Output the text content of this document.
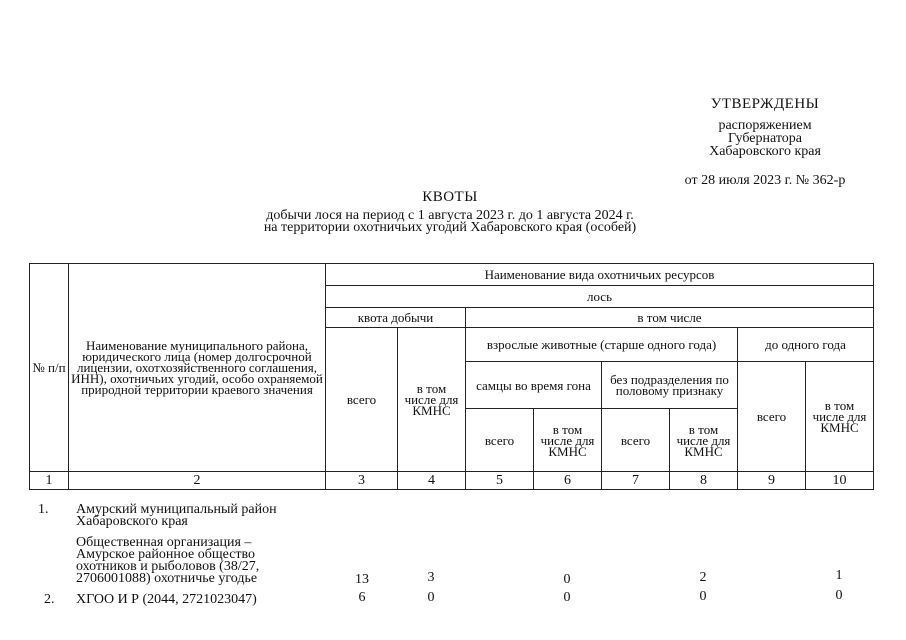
УТВЕРЖДЕНЫ
распоряжением
Губернатора
Хабаровского края
от 28 июля 2023 г. № 362-р
КВОТЫ
добычи лося на период с 1 августа 2023 г. до 1 августа 2024 г.
на территории охотничьих угодий Хабаровского края (особей)
№ п/п	Наименование муниципального района, юридического лица (номер долгосрочной лицензии, охотхозяйственного соглашения, ИНН), охотничьих угодий, особо охраняемой природной территории краевого значения	Наименование вида охотничьих ресурсов							
		лось							
		квота добычи		в том числе					
		всего	в том числе для КМНС	взрослые животные (старше одного года)				до одного года	
				самцы во время гона		без подразделения по половому признаку		всего	в том числе для КМНС
				всего	в том числе для КМНС	всего	в том числе для КМНС		
1	2	3	4	5	6	7	8	9	10
1. Амурский муниципальный район Хабаровского края
Общественная организация – Амурское районное общество охотников и рыболовов (38/27, 2706001088) охотничье угодье	13	3	0	2	1
2. ХГОО И Р (2044, 2721023047)	6	0	0	0	0
